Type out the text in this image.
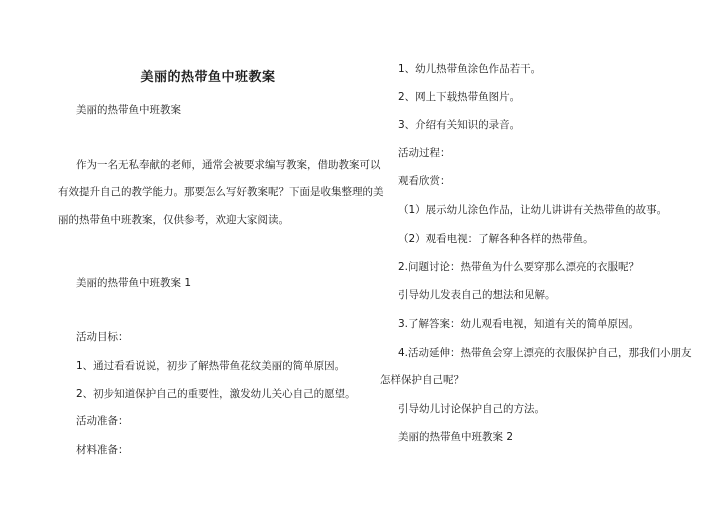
美丽的热带鱼中班教案
美丽的热带鱼中班教案
作为一名无私奉献的老师，通常会被要求编写教案，借助教案可以
有效提升自己的教学能力。那要怎么写好教案呢？下面是收集整理的美
丽的热带鱼中班教案，仅供参考，欢迎大家阅读。
美丽的热带鱼中班教案 1
活动目标：
1、通过看看说说，初步了解热带鱼花纹美丽的简单原因。
2、初步知道保护自己的重要性，激发幼儿关心自己的愿望。
活动准备：
材料准备：
1、幼儿热带鱼涂色作品若干。
2、网上下载热带鱼图片。
3、介绍有关知识的录音。
活动过程：
观看欣赏：
（1）展示幼儿涂色作品，让幼儿讲讲有关热带鱼的故事。
（2）观看电视：了解各种各样的热带鱼。
2.问题讨论：热带鱼为什么要穿那么漂亮的衣服呢？
引导幼儿发表自己的想法和见解。
3.了解答案：幼儿观看电视，知道有关的简单原因。
4.活动延伸：热带鱼会穿上漂亮的衣服保护自己，那我们小朋友
怎样保护自己呢？
引导幼儿讨论保护自己的方法。
美丽的热带鱼中班教案 2
